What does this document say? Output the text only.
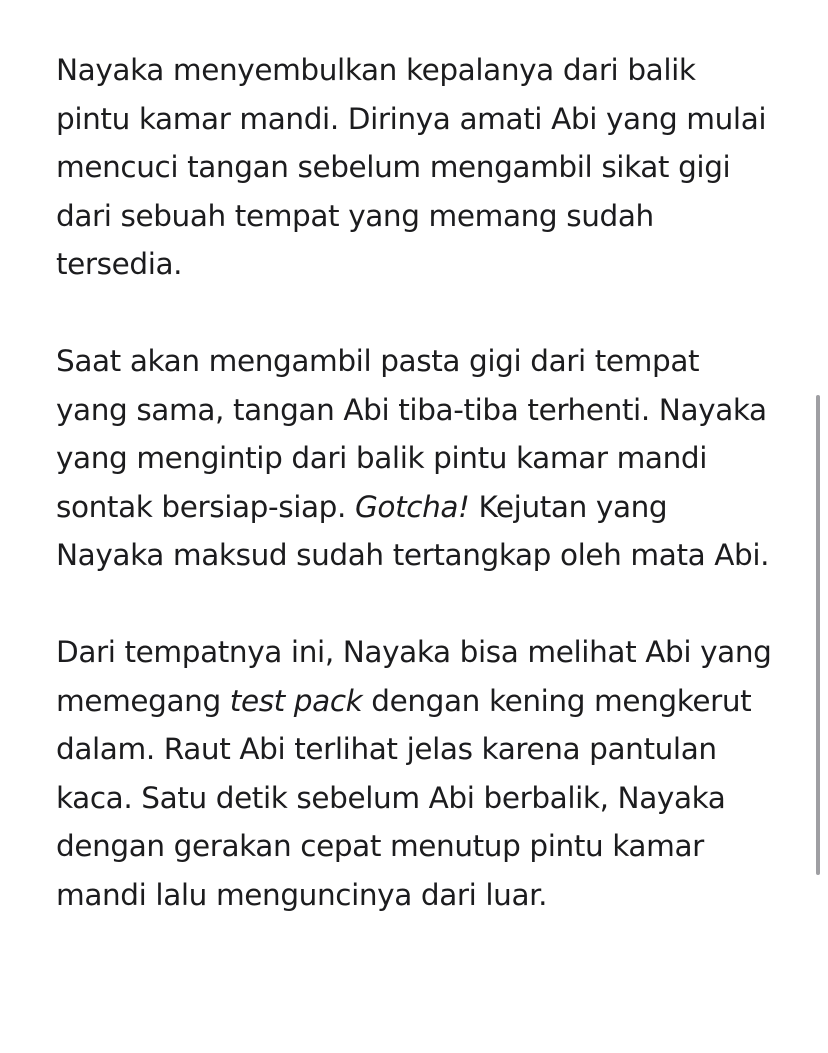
Nayaka menyembulkan kepalanya dari balik pintu kamar mandi. Dirinya amati Abi yang mulai mencuci tangan sebelum mengambil sikat gigi dari sebuah tempat yang memang sudah tersedia.

Saat akan mengambil pasta gigi dari tempat yang sama, tangan Abi tiba-tiba terhenti. Nayaka yang mengintip dari balik pintu kamar mandi sontak bersiap-siap. Gotcha! Kejutan yang Nayaka maksud sudah tertangkap oleh mata Abi.

Dari tempatnya ini, Nayaka bisa melihat Abi yang memegang test pack dengan kening mengkerut dalam. Raut Abi terlihat jelas karena pantulan kaca. Satu detik sebelum Abi berbalik, Nayaka dengan gerakan cepat menutup pintu kamar mandi lalu menguncinya dari luar.
